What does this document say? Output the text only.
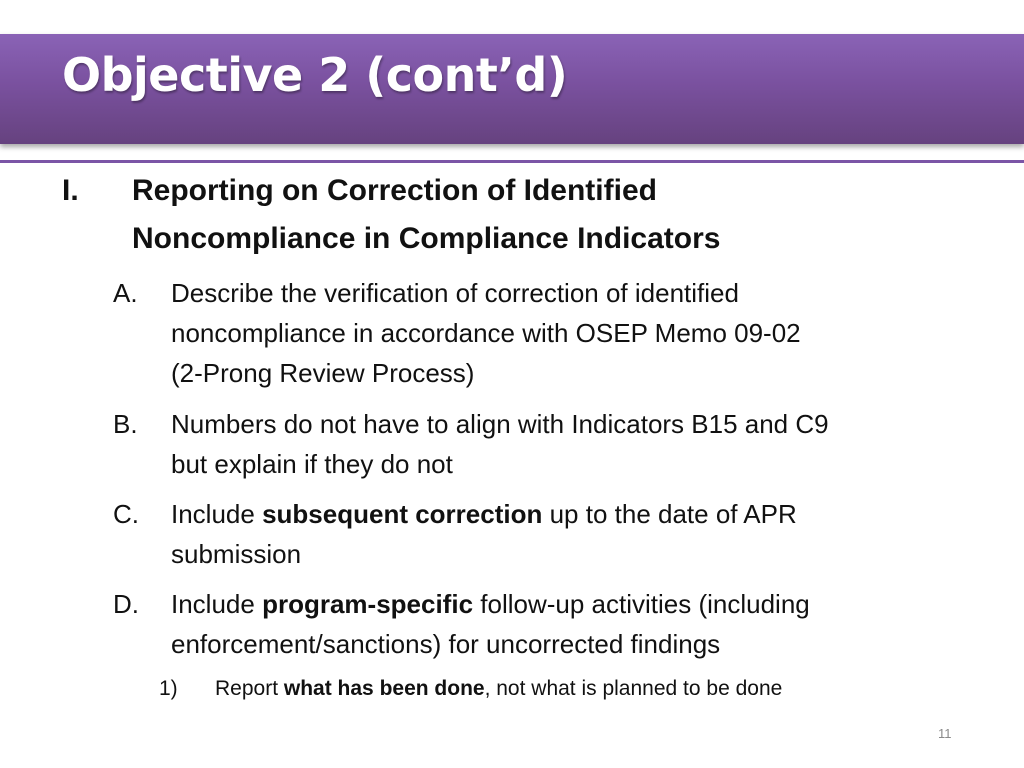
Objective 2 (cont’d)
I. Reporting on Correction of Identified
Noncompliance in Compliance Indicators
A. Describe the verification of correction of identified
noncompliance in accordance with OSEP Memo 09-02
(2-Prong Review Process)
B. Numbers do not have to align with Indicators B15 and C9
but explain if they do not
C. Include subsequent correction up to the date of APR
submission
D. Include program-specific follow-up activities (including
enforcement/sanctions) for uncorrected findings
1) Report what has been done, not what is planned to be done
11
